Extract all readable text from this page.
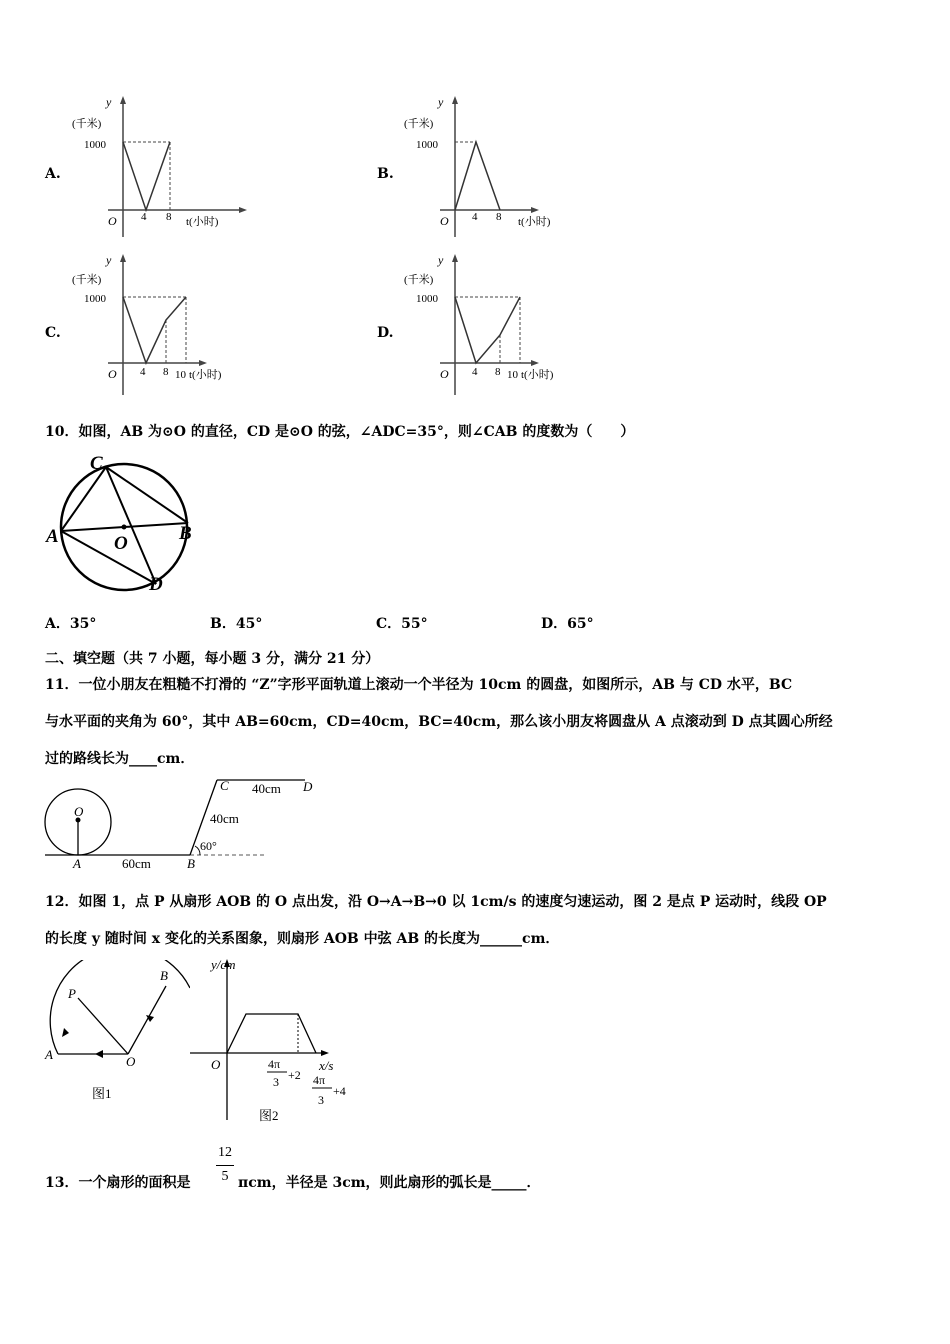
A.
y
(千米)
1000
O 4 8 t(小时)
B.
y
(千米)
1000
O 4 8 t(小时)
C.
y
(千米)
1000
O 4 8 10 t(小时)
D.
y
(千米)
1000
O 4 8 10 t(小时)
10．如图，AB 为⊙O 的直径，CD 是⊙O 的弦，∠ADC=35°，则∠CAB 的度数为（　　）
C
A	B
O
D
A．35°	B．45°	C．55°	D．65°
二、填空题（共 7 小题，每小题 3 分，满分 21 分）
11．一位小朋友在粗糙不打滑的 “Z”字形平面轨道上滚动一个半径为 10cm 的圆盘，如图所示，AB 与 CD 水平，BC
与水平面的夹角为 60°，其中 AB=60cm，CD=40cm，BC=40cm，那么该小朋友将圆盘从 A 点滚动到 D 点其圆心所经
过的路线长为____cm．
O
A	60cm	B
60°
40cm
C 40cm D
12．如图 1，点 P 从扇形 AOB 的 O 点出发，沿 O→A→B→0 以 1cm/s 的速度匀速运动，图 2 是点 P 运动时，线段 OP
的长度 y 随时间 x 变化的关系图象，则扇形 AOB 中弦 AB 的长度为______cm．
P
B
A	O
图1
y/cm
x/s
O	4π
3 +2 4π
3
+4
图2
13．一个扇形的面积是
12
5 πcm，半径是 3cm，则此扇形的弧长是_____．
